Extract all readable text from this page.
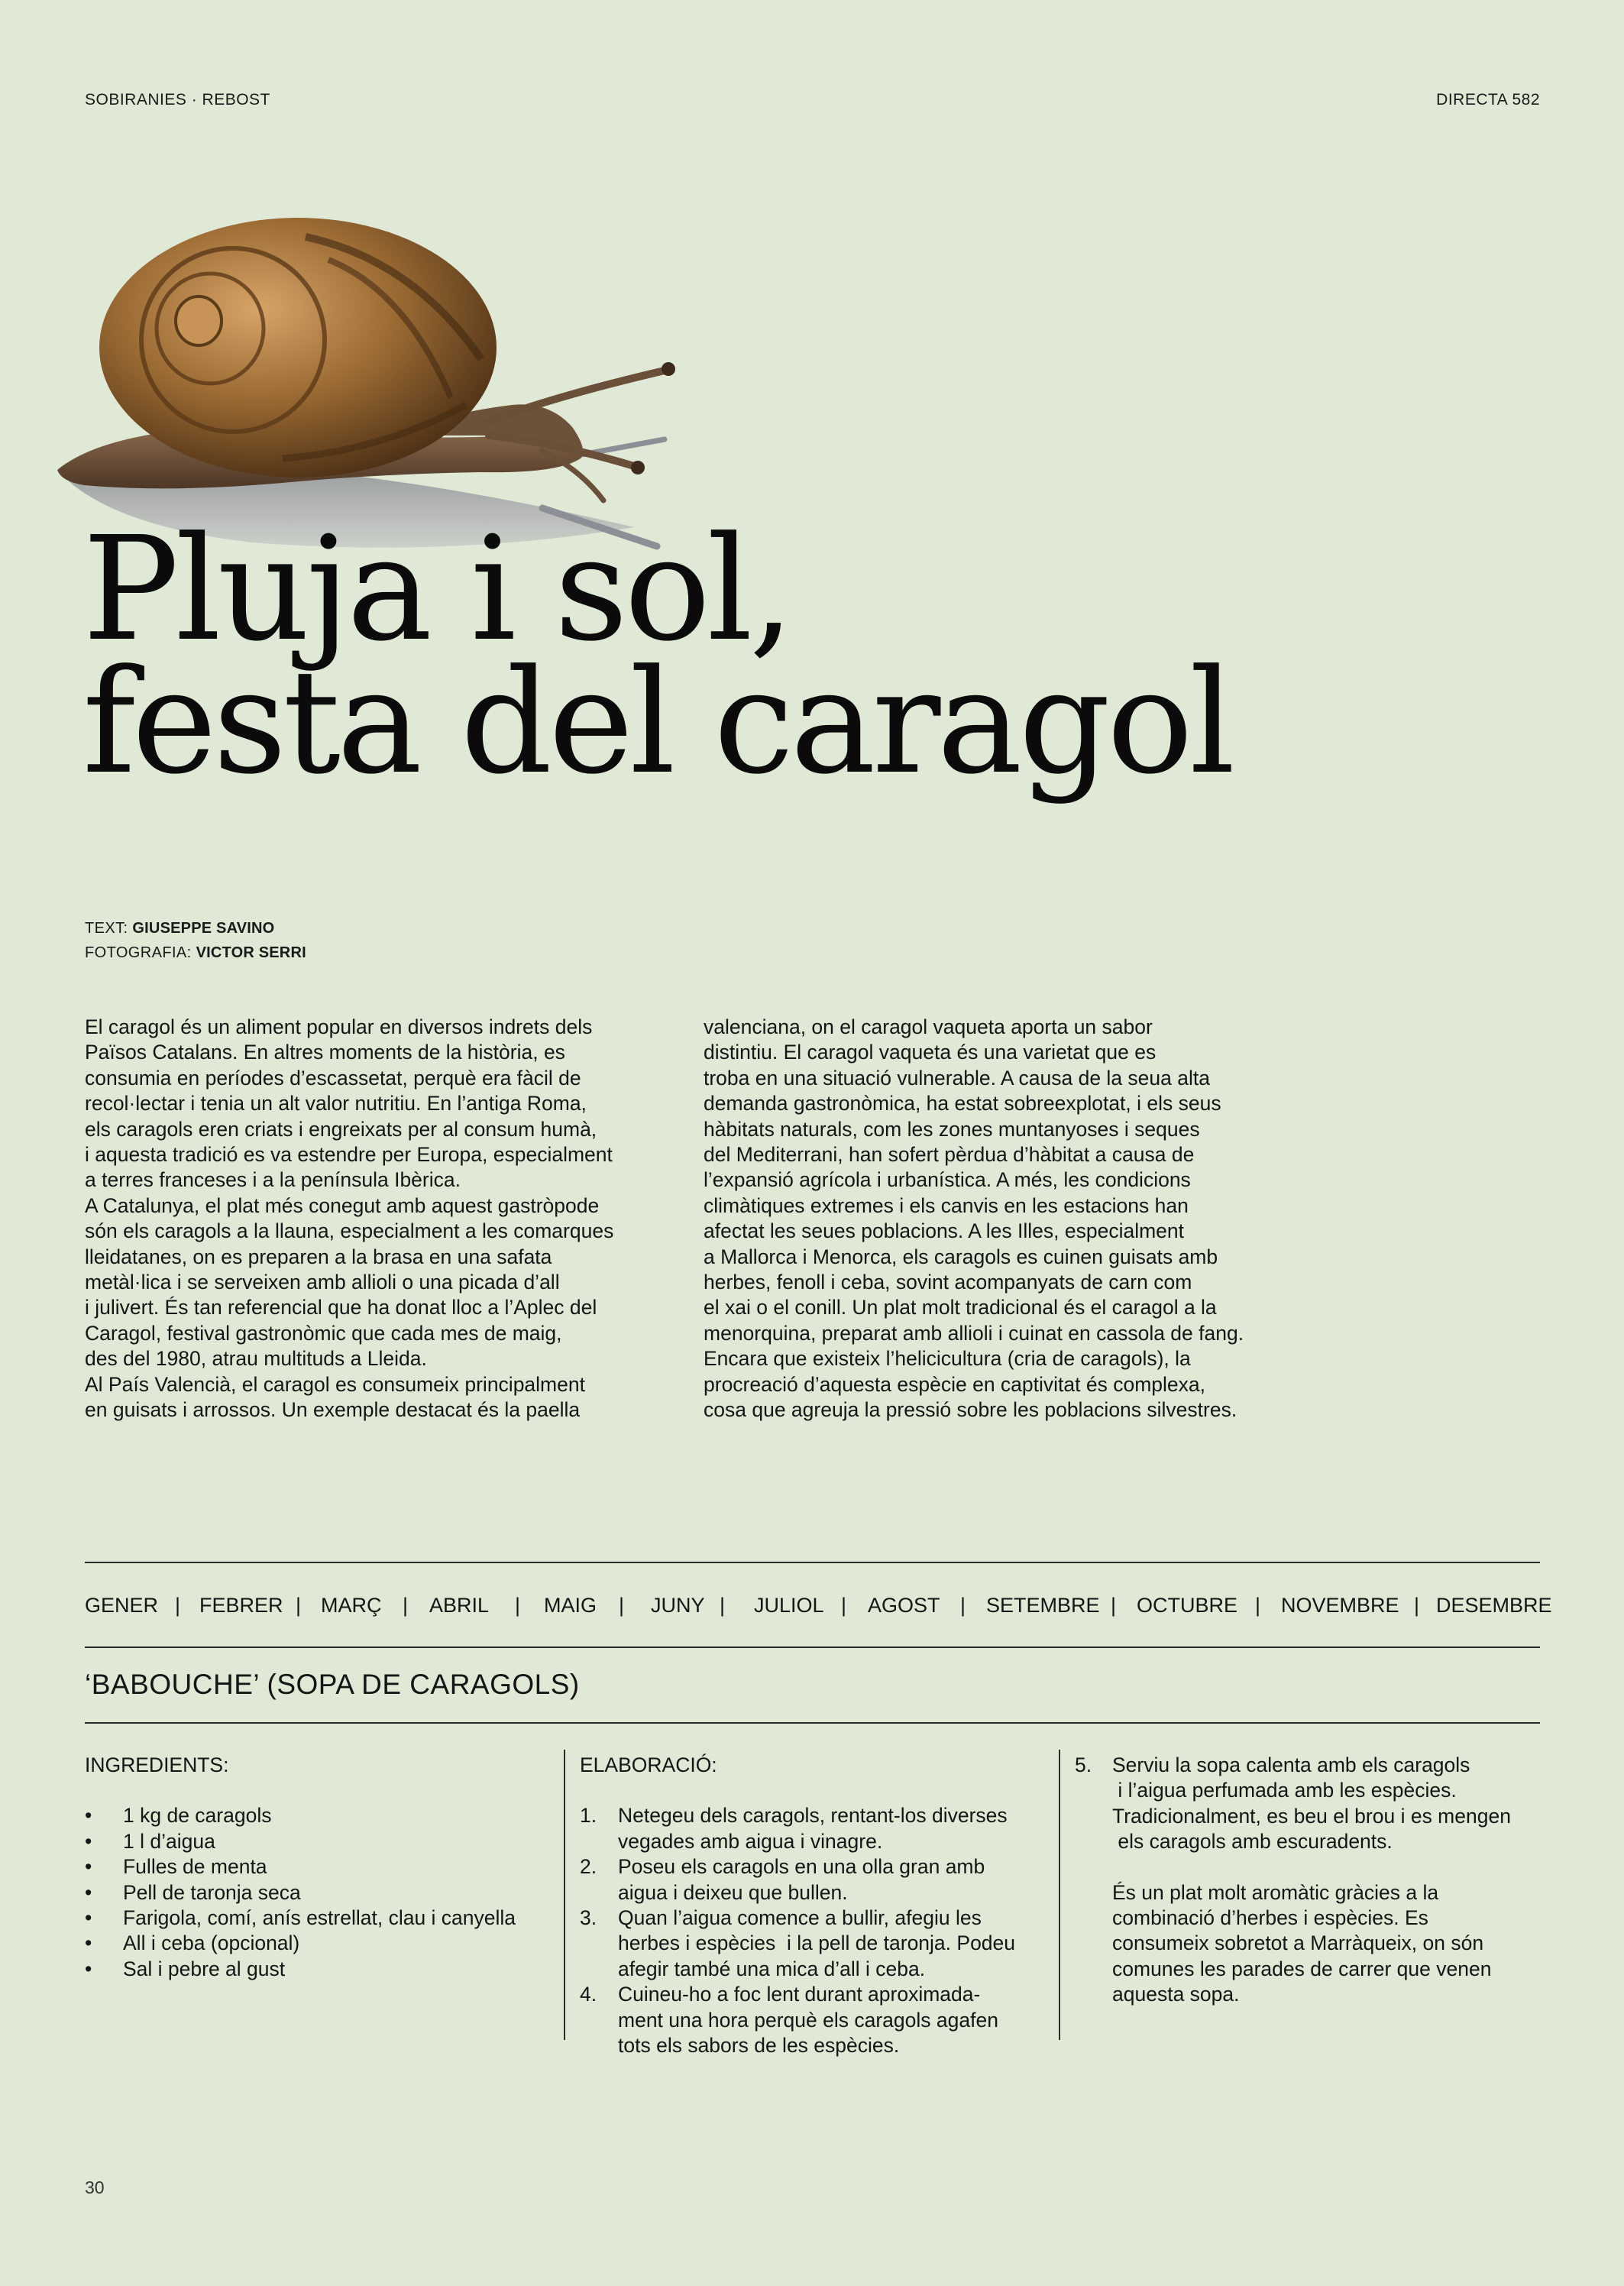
SOBIRANIES · REBOST	DIRECTA 582
Pluja i sol,
festa del caragol
TEXT: GIUSEPPE SAVINO
FOTOGRAFIA: VICTOR SERRI
El caragol és un aliment popular en diversos indrets dels
Països Catalans. En altres moments de la història, es
consumia en períodes d’escassetat, perquè era fàcil de
recol·lectar i tenia un alt valor nutritiu. En l’antiga Roma,
els caragols eren criats i engreixats per al consum humà,
i aquesta tradició es va estendre per Europa, especialment
a terres franceses i a la península Ibèrica.
A Catalunya, el plat més conegut amb aquest gastròpode
són els caragols a la llauna, especialment a les comarques
lleidatanes, on es preparen a la brasa en una safata
metàl·lica i se serveixen amb allioli o una picada d’all
i julivert. És tan referencial que ha donat lloc a l’Aplec del
Caragol, festival gastronòmic que cada mes de maig,
des del 1980, atrau multituds a Lleida.
Al País Valencià, el caragol es consumeix principalment
en guisats i arrossos. Un exemple destacat és la paella
valenciana, on el caragol vaqueta aporta un sabor
distintiu. El caragol vaqueta és una varietat que es
troba en una situació vulnerable. A causa de la seua alta
demanda gastronòmica, ha estat sobreexplotat, i els seus
hàbitats naturals, com les zones muntanyoses i seques
del Mediterrani, han sofert pèrdua d’hàbitat a causa de
l’expansió agrícola i urbanística. A més, les condicions
climàtiques extremes i els canvis en les estacions han
afectat les seues poblacions. A les Illes, especialment
a Mallorca i Menorca, els caragols es cuinen guisats amb
herbes, fenoll i ceba, sovint acompanyats de carn com
el xai o el conill. Un plat molt tradicional és el caragol a la
menorquina, preparat amb allioli i cuinat en cassola de fang.
Encara que existeix l’helicicultura (cria de caragols), la
procreació d’aquesta espècie en captivitat és complexa,
cosa que agreuja la pressió sobre les poblacions silvestres.
GENER FEBRER MARÇ ABRIL	MAIG	JUNY JULIOL AGOST SETEMBRE OCTUBRE NOVEMBRE DESEMBRE
|	|	|	|	|	|	|	|	|	|	|
‘BABOUCHE’ (SOPA DE CARAGOLS)
INGREDIENTS:
• 1 kg de caragols
• 1 l d’aigua
• Fulles de menta
• Pell de taronja seca
• Farigola, comí, anís estrellat, clau i canyella
• All i ceba (opcional)
• Sal i pebre al gust
ELABORACIÓ:
1. Netegeu dels caragols, rentant-los diverses
vegades amb aigua i vinagre.
2. Poseu els caragols en una olla gran amb
aigua i deixeu que bullen.
3. Quan l’aigua comence a bullir, afegiu les
herbes i espècies  i la pell de taronja. Podeu
afegir també una mica d’all i ceba.
4. Cuineu-ho a foc lent durant aproximada-
ment una hora perquè els caragols agafen
tots els sabors de les espècies.
5. Serviu la sopa calenta amb els caragols
i l’aigua perfumada amb les espècies.
Tradicionalment, es beu el brou i es mengen
els caragols amb escuradents.
És un plat molt aromàtic gràcies a la
combinació d’herbes i espècies. Es
consumeix sobretot a Marràqueix, on són
comunes les parades de carrer que venen
aquesta sopa.
30
